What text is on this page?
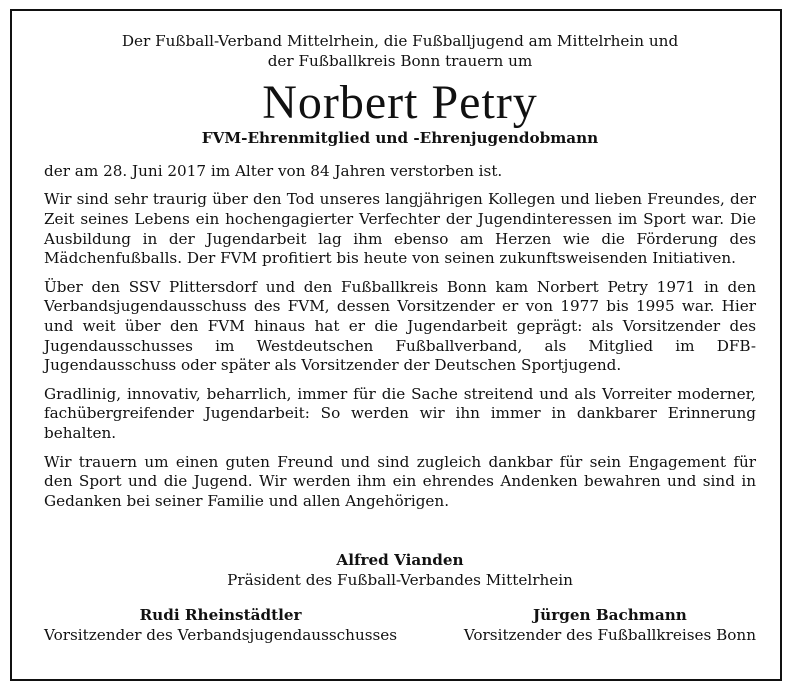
Der Fußball-Verband Mittelrhein, die Fußballjugend am Mittelrhein und
der Fußballkreis Bonn trauern um
Norbert Petry
FVM-Ehrenmitglied und -Ehrenjugendobmann

der am 28. Juni 2017 im Alter von 84 Jahren verstorben ist.

Wir sind sehr traurig über den Tod unseres langjährigen Kollegen und lieben Freundes, der Zeit seines Lebens ein hochengagierter Verfechter der Jugendinteressen im Sport war. Die Ausbildung in der Jugendarbeit lag ihm ebenso am Herzen wie die Förderung des Mädchenfußballs. Der FVM profitiert bis heute von seinen zukunftsweisenden Initiativen.

Über den SSV Plittersdorf und den Fußballkreis Bonn kam Norbert Petry 1971 in den Verbandsjugendausschuss des FVM, dessen Vorsitzender er von 1977 bis 1995 war. Hier und weit über den FVM hinaus hat er die Jugendarbeit geprägt: als Vorsitzender des Jugendausschusses im Westdeutschen Fußballverband, als Mitglied im DFB-Jugendausschuss oder später als Vorsitzender der Deutschen Sportjugend.

Gradlinig, innovativ, beharrlich, immer für die Sache streitend und als Vorreiter moderner, fachübergreifender Jugendarbeit: So werden wir ihn immer in dankbarer Erinnerung behalten.

Wir trauern um einen guten Freund und sind zugleich dankbar für sein Engagement für den Sport und die Jugend. Wir werden ihm ein ehrendes Andenken bewahren und sind in Gedanken bei seiner Familie und allen Angehörigen.

Alfred Vianden
Präsident des Fußball-Verbandes Mittelrhein
Rudi Rheinstädtler
Vorsitzender des Verbandsjugendausschusses
Jürgen Bachmann
Vorsitzender des Fußballkreises Bonn
